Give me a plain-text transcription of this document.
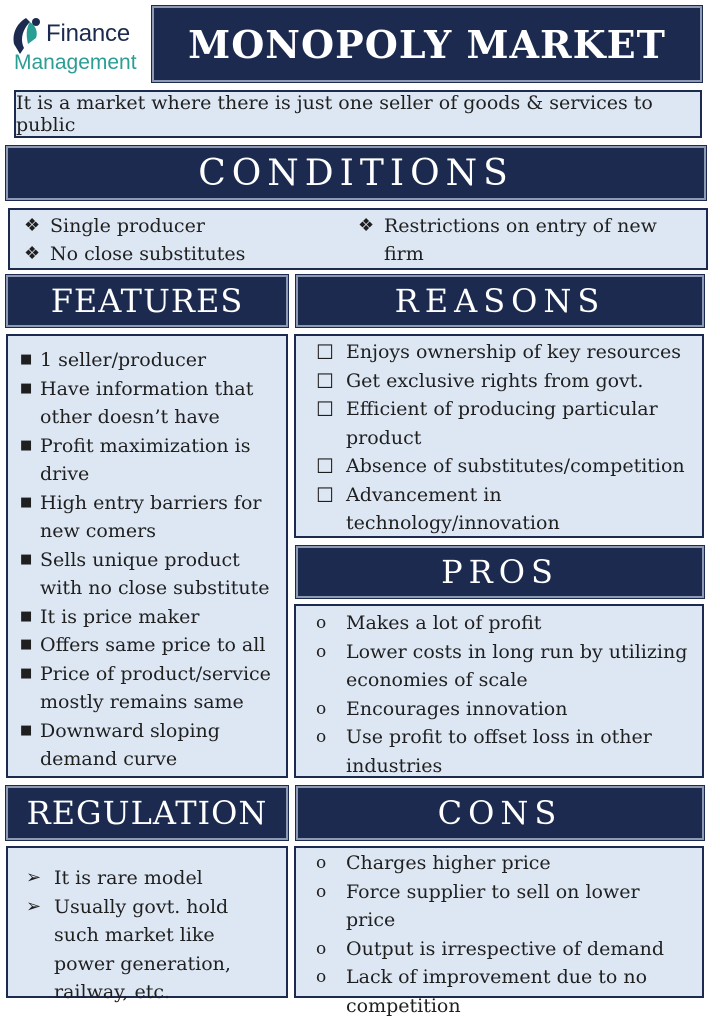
Finance
Management	MONOPOLY MARKET
It is a market where there is just one seller of goods & services to public
CONDITIONS
❖ Single producer
❖ No close substitutes
❖ Restrictions on entry of new firm
FEATURES	REASONS
■ 1 seller/producer
■ Have information that other doesn’t have
■ Profit maximization is drive
■ High entry barriers for new comers
■ Sells unique product with no close substitute
■ It is price maker
■ Offers same price to all
■ Price of product/service mostly remains same
■ Downward sloping demand curve
☐ Enjoys ownership of key resources
☐ Get exclusive rights from govt.
☐ Efficient of producing particular product
☐ Absence of substitutes/competition
☐ Advancement in technology/innovation
PROS
o Makes a lot of profit
o Lower costs in long run by utilizing economies of scale
o Encourages innovation
o Use profit to offset loss in other industries
REGULATION	CONS
➢ It is rare model
➢ Usually govt. hold such market like power generation, railway, etc.
o Charges higher price
o Force supplier to sell on lower price
o Output is irrespective of demand
o Lack of improvement due to no competition
